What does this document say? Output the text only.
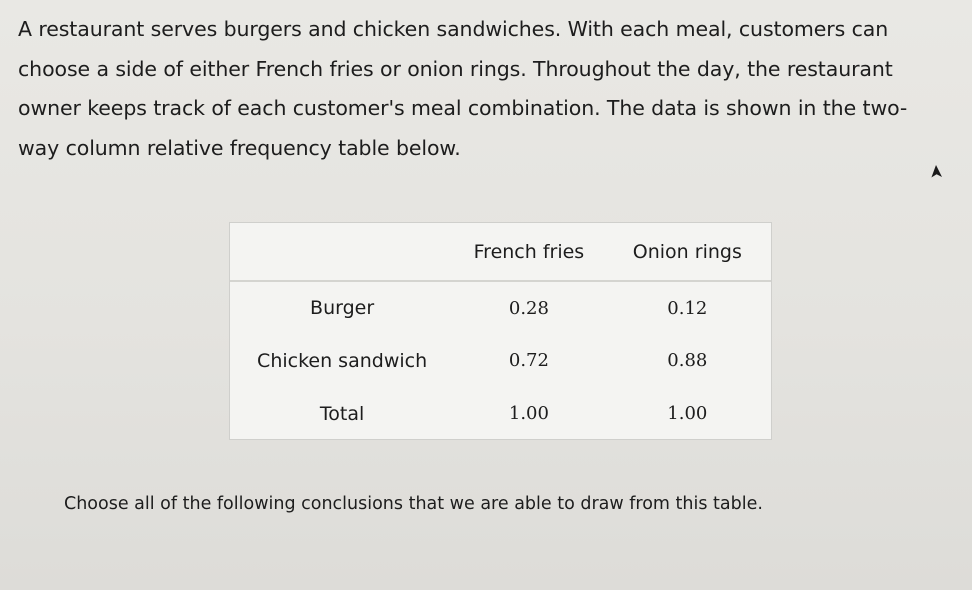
A restaurant serves burgers and chicken sandwiches. With each meal, customers can
choose a side of either French fries or onion rings. Throughout the day, the restaurant
owner keeps track of each customer's meal combination. The data is shown in the two-
way column relative frequency table below.
	French fries	Onion rings
Burger	0.28	0.12
Chicken sandwich	0.72	0.88
Total	1.00	1.00
Choose all of the following conclusions that we are able to draw from this table.
